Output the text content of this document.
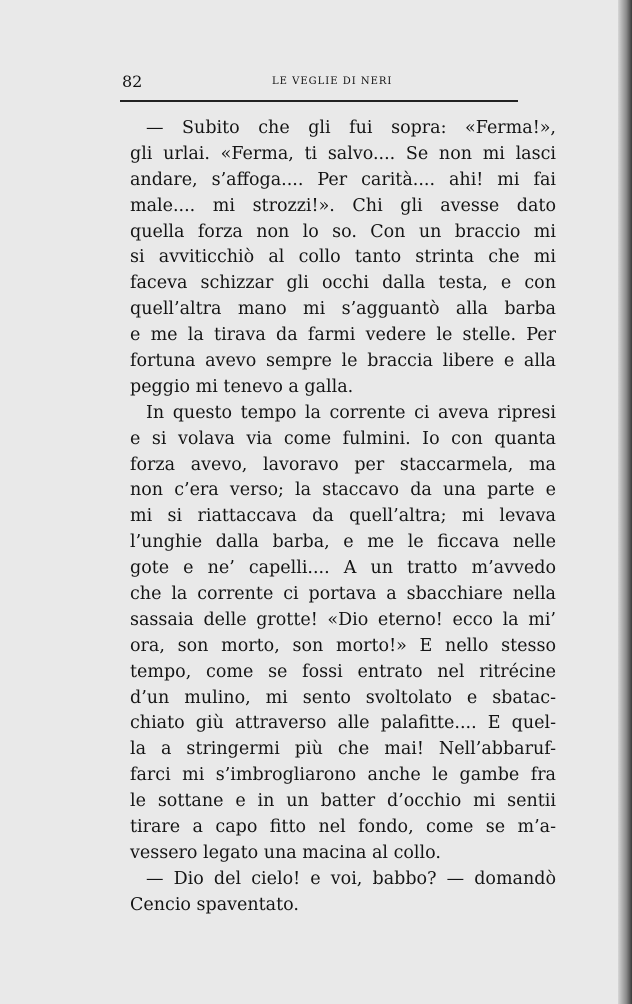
82	LE VEGLIE DI NERI
— Subito che gli fui sopra: «Ferma!»,
gli urlai. «Ferma, ti salvo.... Se non mi lasci
andare, s’affoga.... Per carità.... ahi! mi fai
male.... mi strozzi!». Chi gli avesse dato
quella forza non lo so. Con un braccio mi
si avviticchiò al collo tanto strinta che mi
faceva schizzar gli occhi dalla testa, e con
quell’altra mano mi s’agguantò alla barba
e me la tirava da farmi vedere le stelle. Per
fortuna avevo sempre le braccia libere e alla
peggio mi tenevo a galla.
In questo tempo la corrente ci aveva ripresi
e si volava via come fulmini. Io con quanta
forza avevo, lavoravo per staccarmela, ma
non c’era verso; la staccavo da una parte e
mi si riattaccava da quell’altra; mi levava
l’unghie dalla barba, e me le ficcava nelle
gote e ne’ capelli.... A un tratto m’avvedo
che la corrente ci portava a sbacchiare nella
sassaia delle grotte! «Dio eterno! ecco la mi’
ora, son morto, son morto!» E nello stesso
tempo, come se fossi entrato nel ritrécine
d’un mulino, mi sento svoltolato e sbatac-
chiato giù attraverso alle palafitte.... E quel-
la a stringermi più che mai! Nell’abbaruf-
farci mi s’imbrogliarono anche le gambe fra
le sottane e in un batter d’occhio mi sentii
tirare a capo fitto nel fondo, come se m’a-
vessero legato una macina al collo.
— Dio del cielo! e voi, babbo? — domandò
Cencio spaventato.
